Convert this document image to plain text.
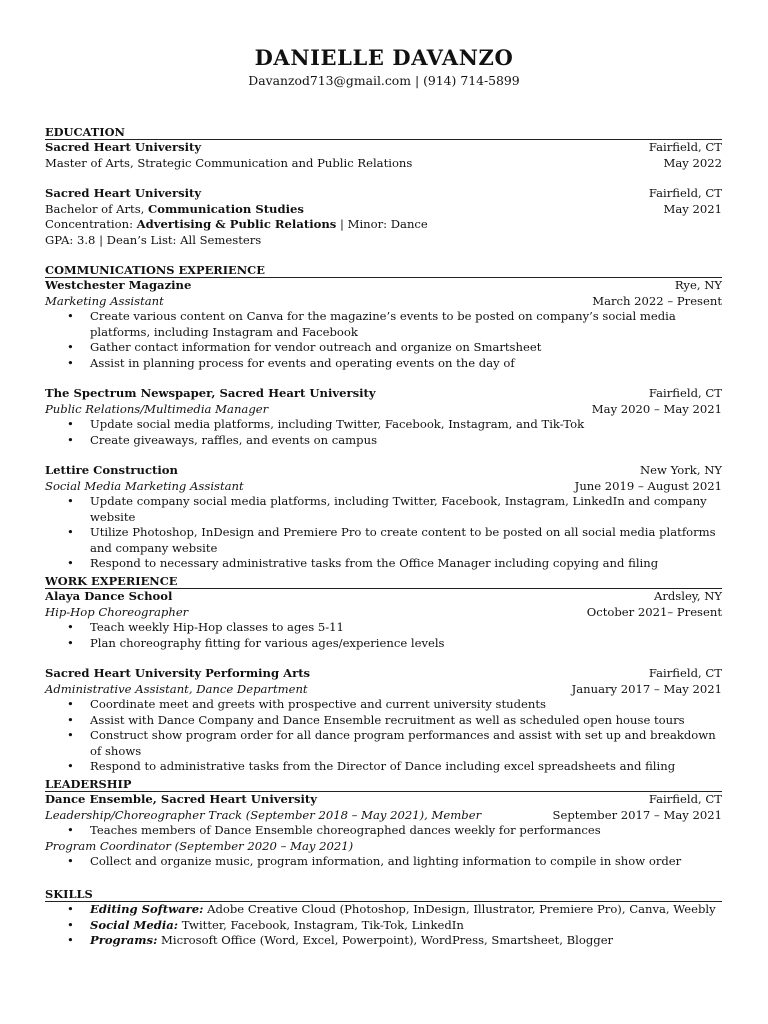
DANIELLE DAVANZO
Davanzod713@gmail.com | (914) 714-5899
EDUCATION
Sacred Heart University	Fairfield, CT
Master of Arts, Strategic Communication and Public Relations	May 2022
Sacred Heart University	Fairfield, CT
Bachelor of Arts, Communication Studies	May 2021
Concentration: Advertising & Public Relations | Minor: Dance
GPA: 3.8 | Dean’s List: All Semesters
COMMUNICATIONS EXPERIENCE
Westchester Magazine	Rye, NY
Marketing Assistant	March 2022 – Present
• Create various content on Canva for the magazine’s events to be posted on company’s social media platforms, including Instagram and Facebook
• Gather contact information for vendor outreach and organize on Smartsheet
• Assist in planning process for events and operating events on the day of
The Spectrum Newspaper, Sacred Heart University	Fairfield, CT
Public Relations/Multimedia Manager	May 2020 – May 2021
• Update social media platforms, including Twitter, Facebook, Instagram, and Tik-Tok
• Create giveaways, raffles, and events on campus
Lettire Construction	New York, NY
Social Media Marketing Assistant	June 2019 – August 2021
• Update company social media platforms, including Twitter, Facebook, Instagram, LinkedIn and company website
• Utilize Photoshop, InDesign and Premiere Pro to create content to be posted on all social media platforms and company website
• Respond to necessary administrative tasks from the Office Manager including copying and filing
WORK EXPERIENCE
Alaya Dance School	Ardsley, NY
Hip-Hop Choreographer	October 2021– Present
• Teach weekly Hip-Hop classes to ages 5-11
• Plan choreography fitting for various ages/experience levels
Sacred Heart University Performing Arts	Fairfield, CT
Administrative Assistant, Dance Department	January 2017 – May 2021
• Coordinate meet and greets with prospective and current university students
• Assist with Dance Company and Dance Ensemble recruitment as well as scheduled open house tours
• Construct show program order for all dance program performances and assist with set up and breakdown of shows
• Respond to administrative tasks from the Director of Dance including excel spreadsheets and filing
LEADERSHIP
Dance Ensemble, Sacred Heart University	Fairfield, CT
Leadership/Choreographer Track (September 2018 – May 2021), Member	September 2017 – May 2021
• Teaches members of Dance Ensemble choreographed dances weekly for performances
Program Coordinator (September 2020 – May 2021)
• Collect and organize music, program information, and lighting information to compile in show order
SKILLS
• Editing Software: Adobe Creative Cloud (Photoshop, InDesign, Illustrator, Premiere Pro), Canva, Weebly
• Social Media: Twitter, Facebook, Instagram, Tik-Tok, LinkedIn
• Programs: Microsoft Office (Word, Excel, Powerpoint), WordPress, Smartsheet, Blogger
